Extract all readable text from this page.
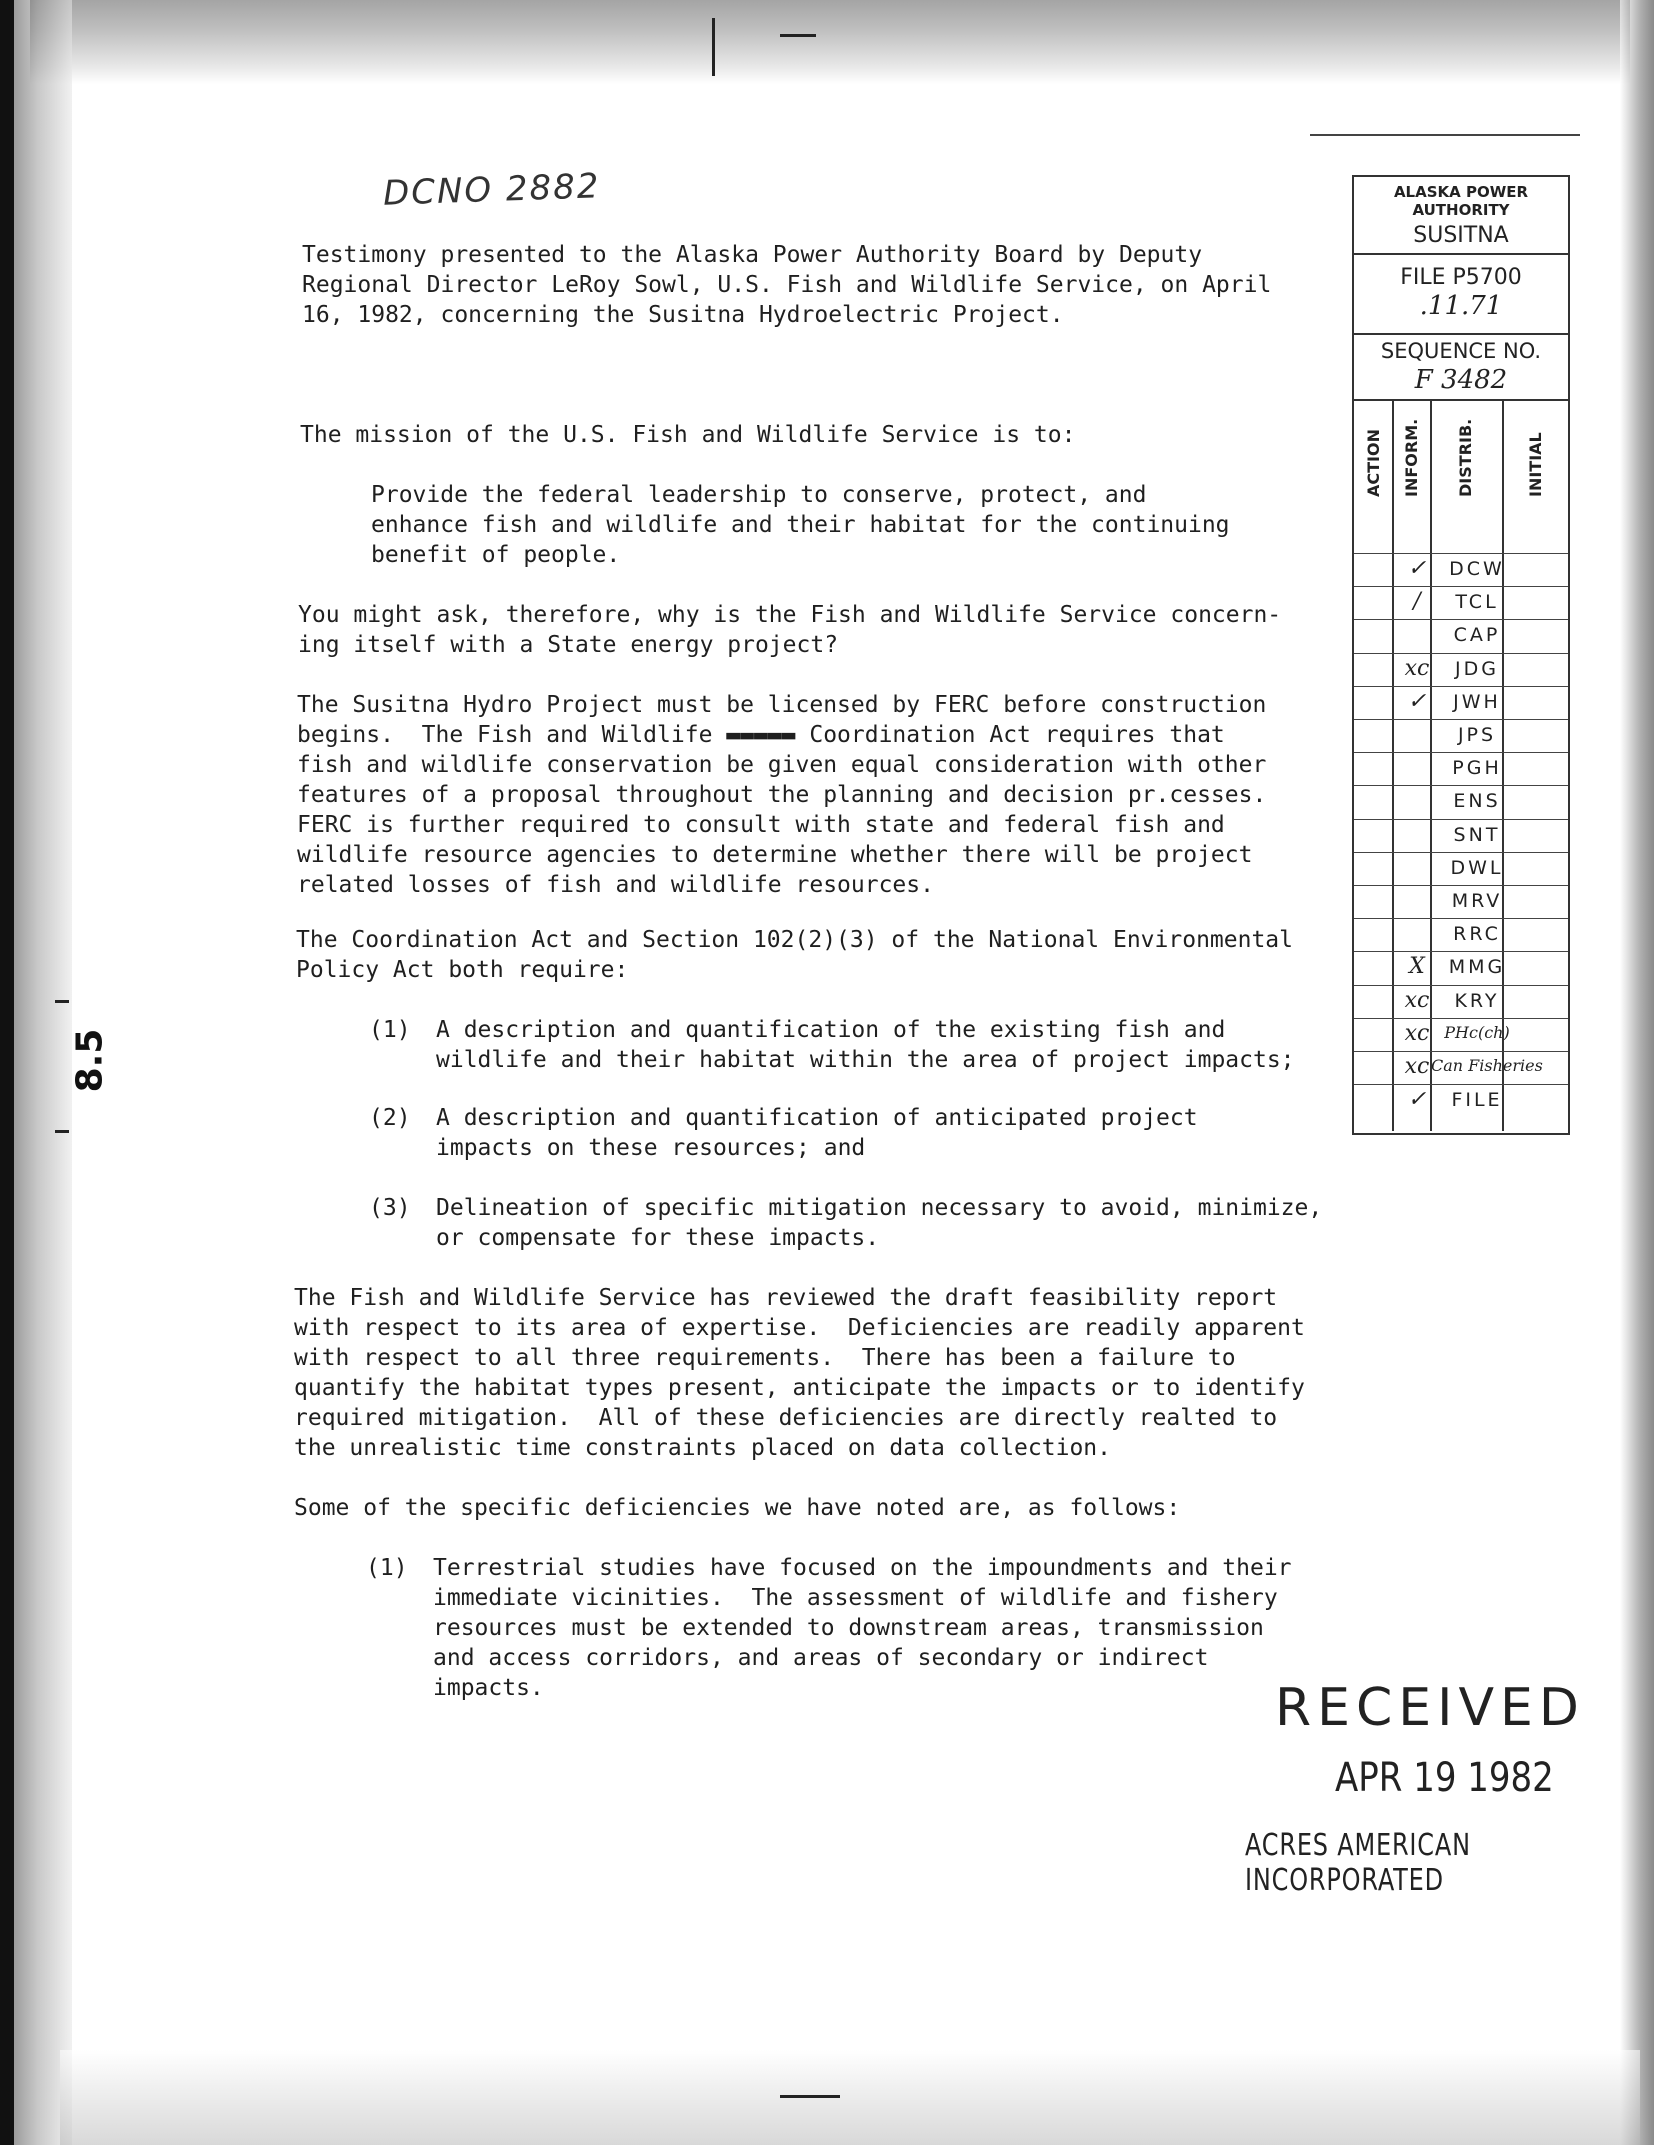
8.5
DCNO 2882
Testimony presented to the Alaska Power Authority Board by Deputy
Regional Director LeRoy Sowl, U.S. Fish and Wildlife Service, on April
16, 1982, concerning the Susitna Hydroelectric Project.
The mission of the U.S. Fish and Wildlife Service is to:
Provide the federal leadership to conserve, protect, and
enhance fish and wildlife and their habitat for the continuing
benefit of people.
You might ask, therefore, why is the Fish and Wildlife Service concern-
ing itself with a State energy project?
The Susitna Hydro Project must be licensed by FERC before construction
begins.  The Fish and Wildlife ▬▬▬▬▬ Coordination Act requires that
fish and wildlife conservation be given equal consideration with other
features of a proposal throughout the planning and decision pr.cesses.
FERC is further required to consult with state and federal fish and
wildlife resource agencies to determine whether there will be project
related losses of fish and wildlife resources.
The Coordination Act and Section 102(2)(3) of the National Environmental
Policy Act both require:
(1) A description and quantification of the existing fish and
wildlife and their habitat within the area of project impacts;
(2) A description and quantification of anticipated project
impacts on these resources; and
(3) Delineation of specific mitigation necessary to avoid, minimize,
or compensate for these impacts.
The Fish and Wildlife Service has reviewed the draft feasibility report
with respect to its area of expertise.  Deficiencies are readily apparent
with respect to all three requirements.  There has been a failure to
quantify the habitat types present, anticipate the impacts or to identify
required mitigation.  All of these deficiencies are directly realted to
the unrealistic time constraints placed on data collection.
Some of the specific deficiencies we have noted are, as follows:
(1) Terrestrial studies have focused on the impoundments and their
immediate vicinities.  The assessment of wildlife and fishery
resources must be extended to downstream areas, transmission
and access corridors, and areas of secondary or indirect
impacts.
ALASKA POWER
AUTHORITY
SUSITNA
FILE P5700
.11.71
SEQUENCE NO.
F 3482
ACTION INFORM. DISTRIB.	INITIAL
DCW
✓
TCL
/
CAP
JDG
xc
JWH
✓
JPS
PGH
ENS
SNT
DWL
MRV
RRC
MMG
X
KRY
xc
PHc(ch)
xc
Can Fisheries
xc
FILE
✓
RECEIVED
APR 19 1982
ACRES AMERICAN INCORPORATED
